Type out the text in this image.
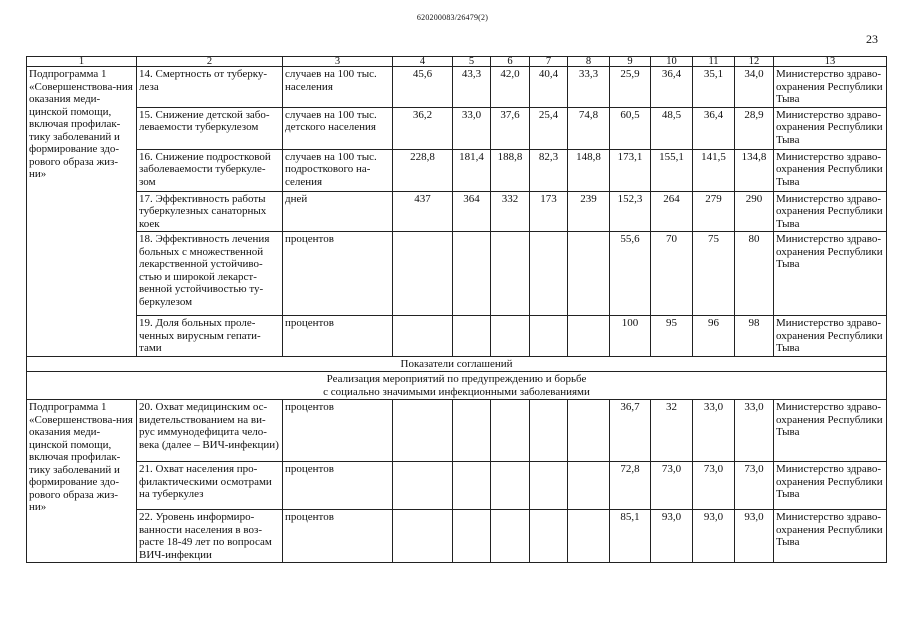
620200083/26479(2)
23
1	2	3	4	5	6	7	8	9	10	11	12	13
Подпрограмма 1 «Совершенствова-ния оказания меди-цинской помощи, включая профилак-тику заболеваний и формирование здо-рового образа жиз-ни»	14. Смертность от туберку-леза	случаев на 100 тыс. населения	45,6	43,3	42,0	40,4	33,3	25,9	36,4	35,1	34,0	Министерство здраво-охранения Республики Тыва
	15. Снижение детской забо-леваемости туберкулезом	случаев на 100 тыс. детского населения	36,2	33,0	37,6	25,4	74,8	60,5	48,5	36,4	28,9	Министерство здраво-охранения Республики Тыва
	16. Снижение подростковой заболеваемости туберкуле-зом	случаев на 100 тыс. подросткового на-селения	228,8	181,4	188,8	82,3	148,8	173,1	155,1	141,5	134,8	Министерство здраво-охранения Республики Тыва
	17. Эффективность работы туберкулезных санаторных коек	дней	437	364	332	173	239	152,3	264	279	290	Министерство здраво-охранения Республики Тыва
	18. Эффективность лечения больных с множественной лекарственной устойчиво-стью и широкой лекарст-венной устойчивостью ту-беркулезом	процентов						55,6	70	75	80	Министерство здраво-охранения Республики Тыва
	19. Доля больных проле-ченных вирусным гепати-тами	процентов						100	95	96	98	Министерство здраво-охранения Республики Тыва
Показатели соглашений												

Реализация мероприятий по предупреждению и борьбе
с социально значимыми инфекционными заболеваниями												

Подпрограмма 1 «Совершенствова-ния оказания меди-цинской помощи, включая профилак-тику заболеваний и формирование здо-рового образа жиз-ни»	20. Охват медицинским ос-видетельствованием на ви-рус иммунодефицита чело-века (далее – ВИЧ-инфекции)	процентов						36,7	32	33,0	33,0	Министерство здраво-охранения Республики Тыва
	21. Охват населения про-филактическими осмотрами на туберкулез	процентов						72,8	73,0	73,0	73,0	Министерство здраво-охранения Республики Тыва
	22. Уровень информиро-ванности населения в воз-расте 18-49 лет по вопросам ВИЧ-инфекции	процентов						85,1	93,0	93,0	93,0	Министерство здраво-охранения Республики Тыва
